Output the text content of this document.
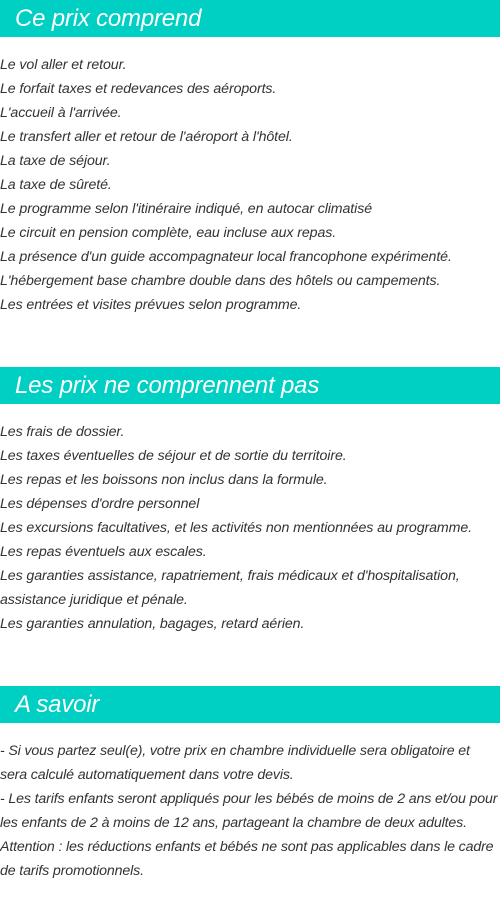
Ce prix comprend
Le vol aller et retour.
Le forfait taxes et redevances des aéroports.
L'accueil à l'arrivée.
Le transfert aller et retour de l'aéroport à l'hôtel.
La taxe de séjour.
La taxe de sûreté.
Le programme selon l'itinéraire indiqué, en autocar climatisé
Le circuit en pension complète, eau incluse aux repas.
La présence d'un guide accompagnateur local francophone expérimenté.
L'hébergement base chambre double dans des hôtels ou campements.
Les entrées et visites prévues selon programme.
Les prix ne comprennent pas
Les frais de dossier.
Les taxes éventuelles de séjour et de sortie du territoire.
Les repas et les boissons non inclus dans la formule.
Les dépenses d'ordre personnel
Les excursions facultatives, et les activités non mentionnées au programme.
Les repas éventuels aux escales.
Les garanties assistance, rapatriement, frais médicaux et d'hospitalisation,
assistance juridique et pénale.
Les garanties annulation, bagages, retard aérien.
A savoir

- Si vous partez seul(e), votre prix en chambre individuelle sera obligatoire et sera calculé automatiquement dans votre devis.

- Les tarifs enfants seront appliqués pour les bébés de moins de 2 ans et/ou pour les enfants de 2 à moins de 12 ans, partageant la chambre de deux adultes.

Attention : les réductions enfants et bébés ne sont pas applicables dans le cadre de tarifs promotionnels.
